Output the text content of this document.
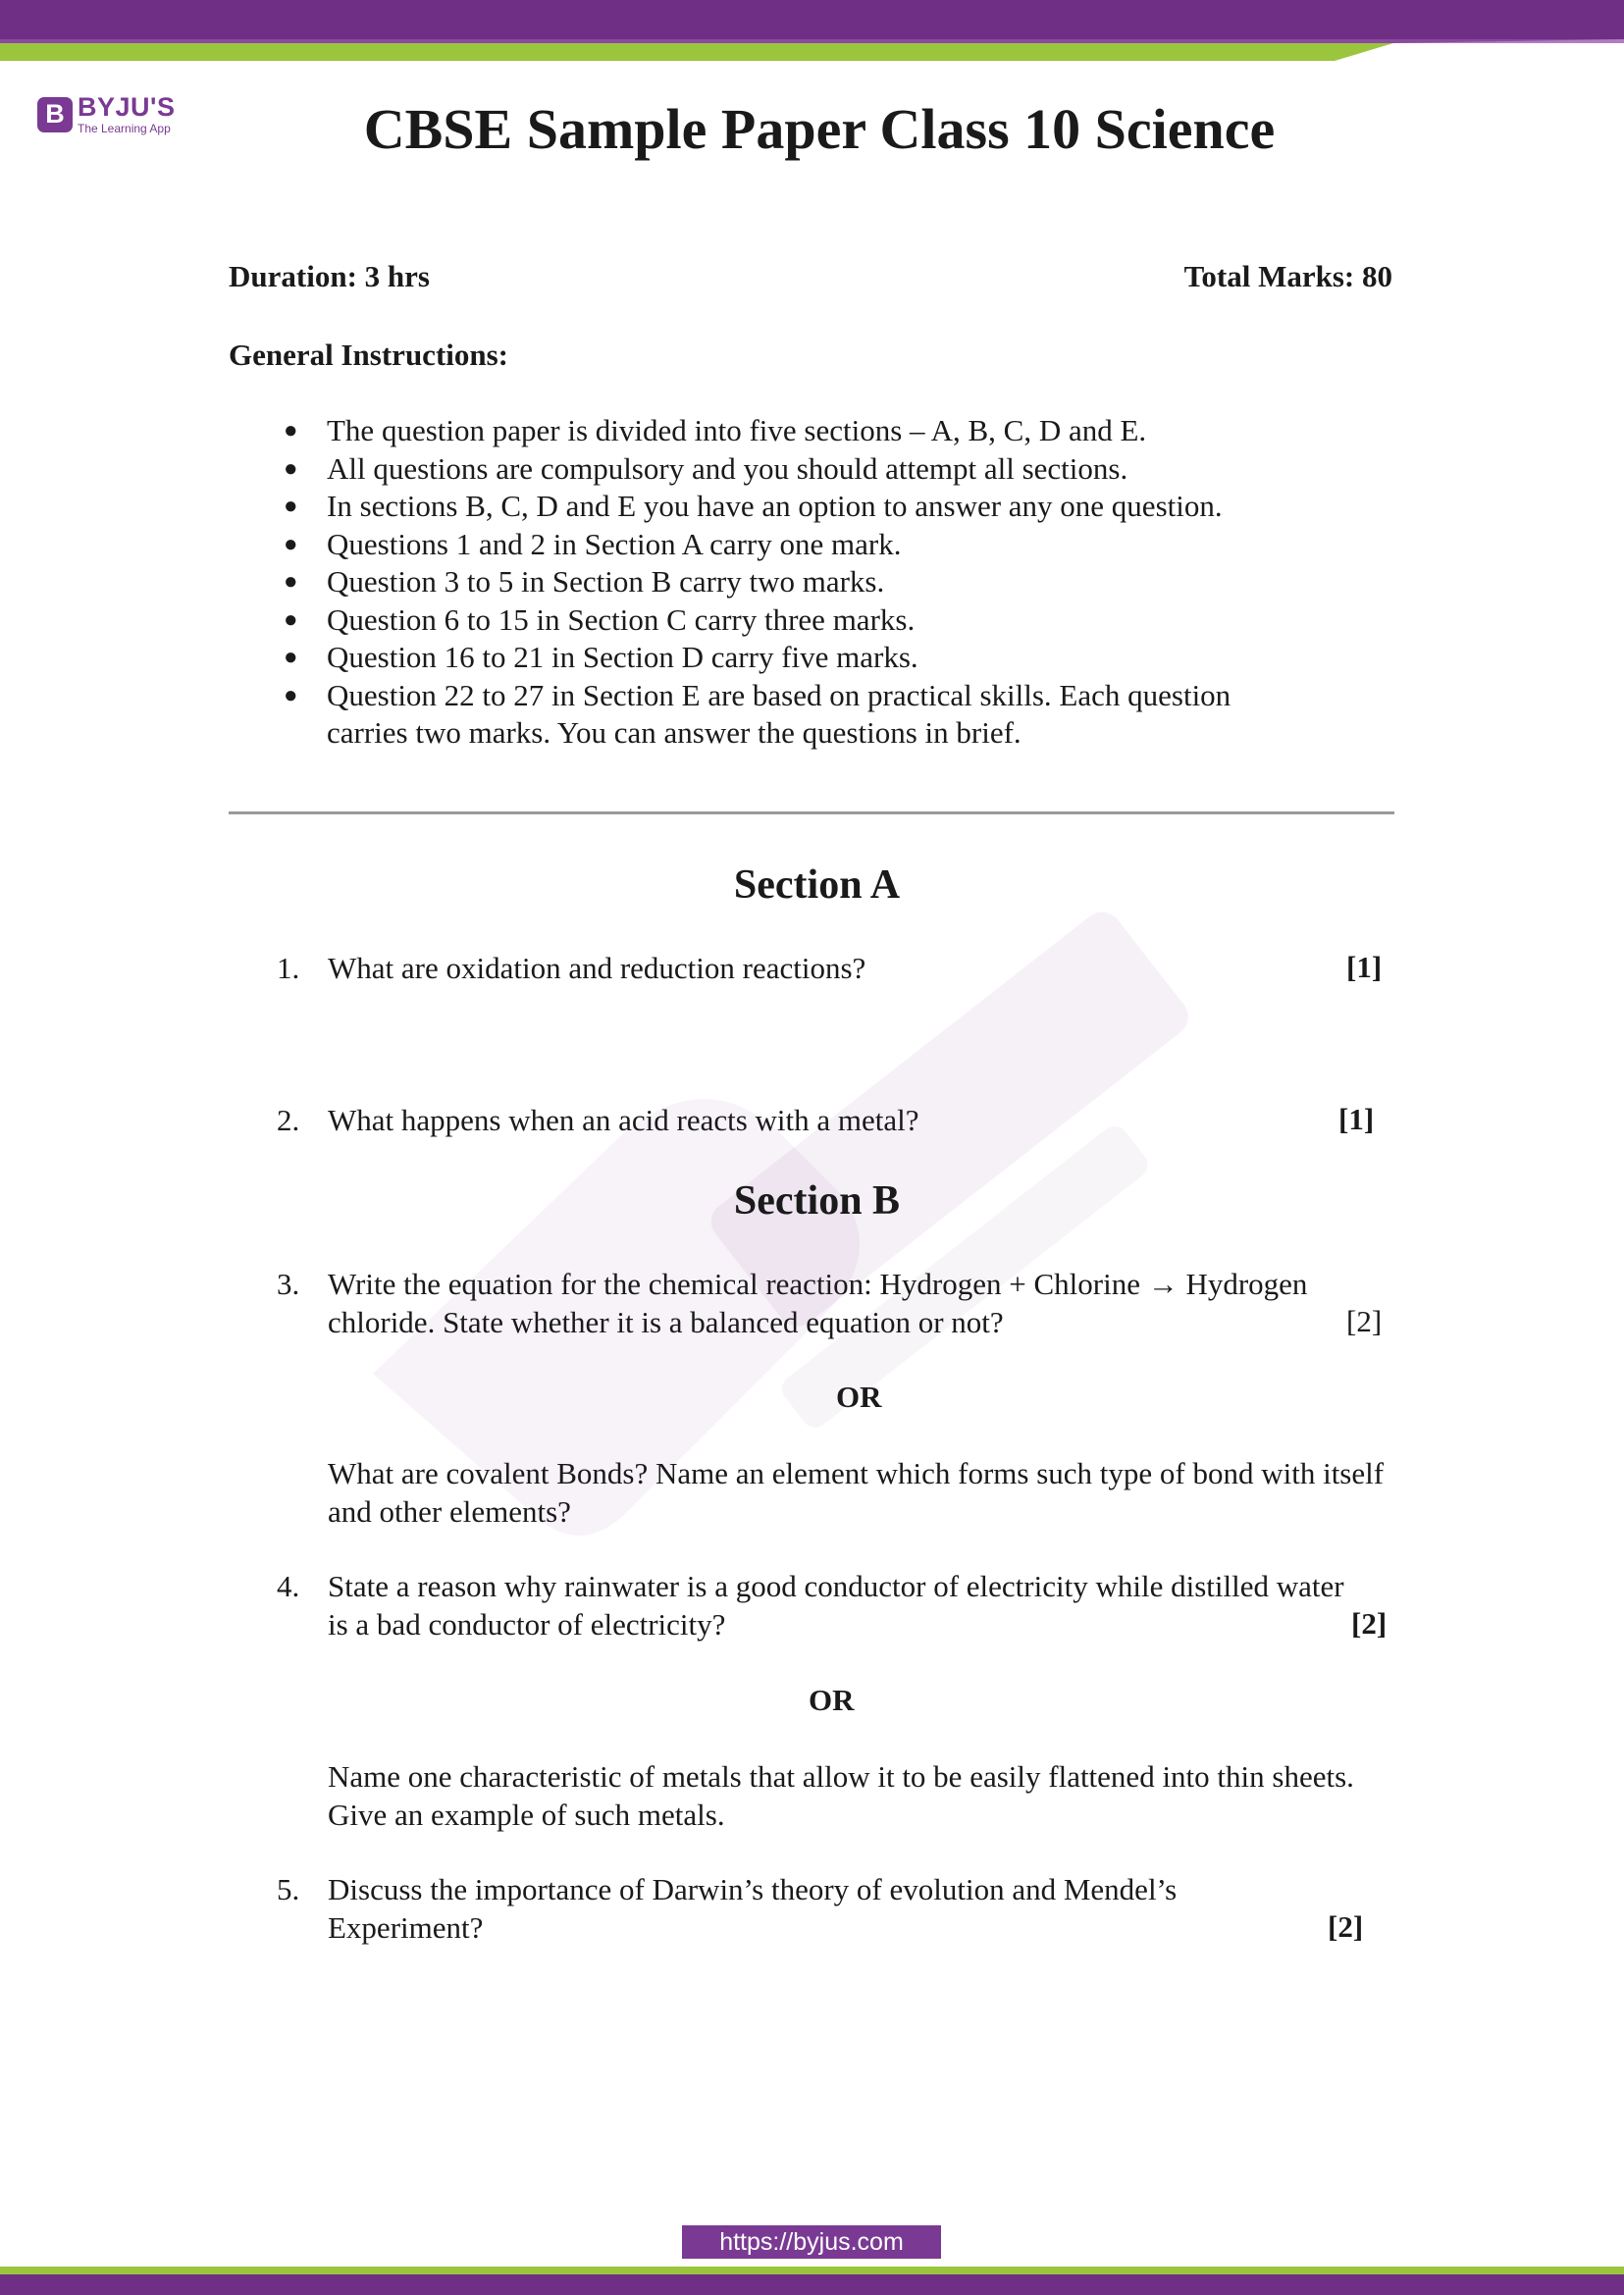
B BYJU'S
The Learning App	CBSE Sample Paper Class 10 Science
Duration: 3 hrs	Total Marks: 80
General Instructions:
● The question paper is divided into five sections – A, B, C, D and E.
● All questions are compulsory and you should attempt all sections.
● In sections B, C, D and E you have an option to answer any one question.
● Questions 1 and 2 in Section A carry one mark.
● Question 3 to 5 in Section B carry two marks.
● Question 6 to 15 in Section C carry three marks.
● Question 16 to 21 in Section D carry five marks.
● Question 22 to 27 in Section E are based on practical skills. Each question carries two marks. You can answer the questions in brief.
Section A
1. What are oxidation and reduction reactions?	[1]
2. What happens when an acid reacts with a metal?	[1]
Section B
3. Write the equation for the chemical reaction: Hydrogen + Chlorine → Hydrogen chloride. State whether it is a balanced equation or not?	[2]
OR
What are covalent Bonds? Name an element which forms such type of bond with itself and other elements?
4. State a reason why rainwater is a good conductor of electricity while distilled water is a bad conductor of electricity?	[2]
OR
Name one characteristic of metals that allow it to be easily flattened into thin sheets. Give an example of such metals.
5. Discuss the importance of Darwin’s theory of evolution and Mendel’s Experiment?	[2]
https://byjus.com
